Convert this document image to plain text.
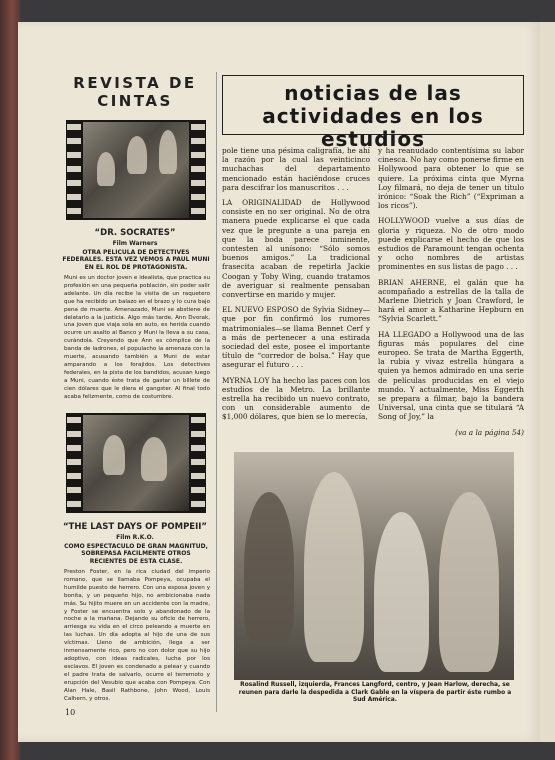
REVISTA DE CINTAS	noticias de las actividades en los estudios
“DR. SOCRATES”
Film Warners
OTRA PELICULA DE DETECTIVES FEDERALES. ESTA VEZ VEMOS A PAUL MUNI EN EL ROL DE PROTAGONISTA.
Muni es un doctor joven e idealista, que practica su profesión en una pequeña población, sin poder salir adelante. Un día recibe la visita de un raquetero que ha recibido un balazo en el brazo y lo cura bajo pena de muerte. Amenazado, Muni se abstiene de delatarlo a la justicia. Algo más tarde, Ann Dvorak, una joven que viaja sola en auto, es herida cuando ocurre un asalto al Banco y Muni la lleva a su casa, curándola. Creyendo que Ann es cómplice de la banda de ladrones, el populacho la amenaza con la muerte, acusando también a Muni de estar amparando a los forajidos. Los detectives federales, en la pista de los bandidos, acusan luego a Muni, cuando éste trata de gastar un billete de cien dólares que le diera el gangster. Al final todo acaba felizmente, como de costumbre.
“THE LAST DAYS OF POMPEII”
Film R.K.O.
COMO ESPECTACULO DE GRAN MAGNITUD, SOBREPASA FACILMENTE OTROS RECIENTES DE ESTA CLASE.
Preston Foster, en la rica ciudad del imperio romano, que se llamaba Pompeya, ocupaba el humilde puesto de herrero. Con una esposa joven y bonita, y un pequeño hijo, no ambicionaba nada más. Su hijito muere en un accidente con la madre, y Foster se encuentra solo y abandonado de la noche a la mañana. Dejando su oficio de herrero, arriesga su vida en el circo peleando a muerte en las luchas. Un día adopta al hijo de una de sus víctimas. Lleno de ambición, llega a ser inmensamente rico, pero no con dolor que su hijo adoptivo, con ideas radicales, lucha por los esclavos. El joven es condenado a pelear y cuando el padre trata de salvarlo, ocurre el terremoto y erupción del Vesubio que acaba con Pompeya. Con Alan Hale, Basil Rathbone, John Wood, Louis Calhern, y otros.

pole tiene una pésima caligrafía, he ahí la razón por la cual las veinticinco muchachas del departamento mencionado están haciéndose cruces para descifrar los manuscritos . . .

LA ORIGINALIDAD de Hollywood consiste en no ser original. No de otra manera puede explicarse el que cada vez que le pregunte a una pareja en que la boda parece inminente, contesten al unísono: “Sólo somos buenos amigos.” La tradicional frasecita acaban de repetirla Jackie Coogan y Toby Wing, cuando tratamos de averiguar si realmente pensaban convertirse en marido y mujer.

EL NUEVO ESPOSO de Sylvia Sidney—que por fin confirmó los rumores matrimoniales—se llama Bennet Cerf y a más de pertenecer a una estirada sociedad del este, posee el importante título de “corredor de bolsa.” Hay que asegurar el futuro . . .

MYRNA LOY ha hecho las paces con los estudios de la Metro. La brillante estrella ha recibido un nuevo contrato, con un considerable aumento de $1,000 dólares, que bien se lo merecía,

y ha reanudado contentísima su labor cinesca. No hay como ponerse firme en Hollywood para obtener lo que se quiere. La próxima cinta que Myrna Loy filmará, no deja de tener un título irónico: “Soak the Rich” (“Expriman a los ricos”).

HOLLYWOOD vuelve a sus días de gloria y riqueza. No de otro modo puede explicarse el hecho de que los estudios de Paramount tengan ochenta y ocho nombres de artistas prominentes en sus listas de pago . . .

BRIAN AHERNE, el galán que ha acompañado a estrellas de la talla de Marlene Dietrich y Joan Crawford, le hará el amor a Katharine Hepburn en “Sylvia Scarlett.”

HA LLEGADO a Hollywood una de las figuras más populares del cine europeo. Se trata de Martha Eggerth, la rubia y vivaz estrella húngara a quien ya hemos admirado en una serie de películas producidas en el viejo mundo. Y actualmente, Miss Eggerth se prepara a filmar, bajo la bandera Universal, una cinta que se titulará “A Song of Joy,” la

(va a la página 54)
Rosalind Russell, izquierda, Frances Langford, centro, y Jean Harlow, derecha, se reunen para darle la despedida a Clark Gable en la víspera de partir éste rumbo a Sud América.
10
